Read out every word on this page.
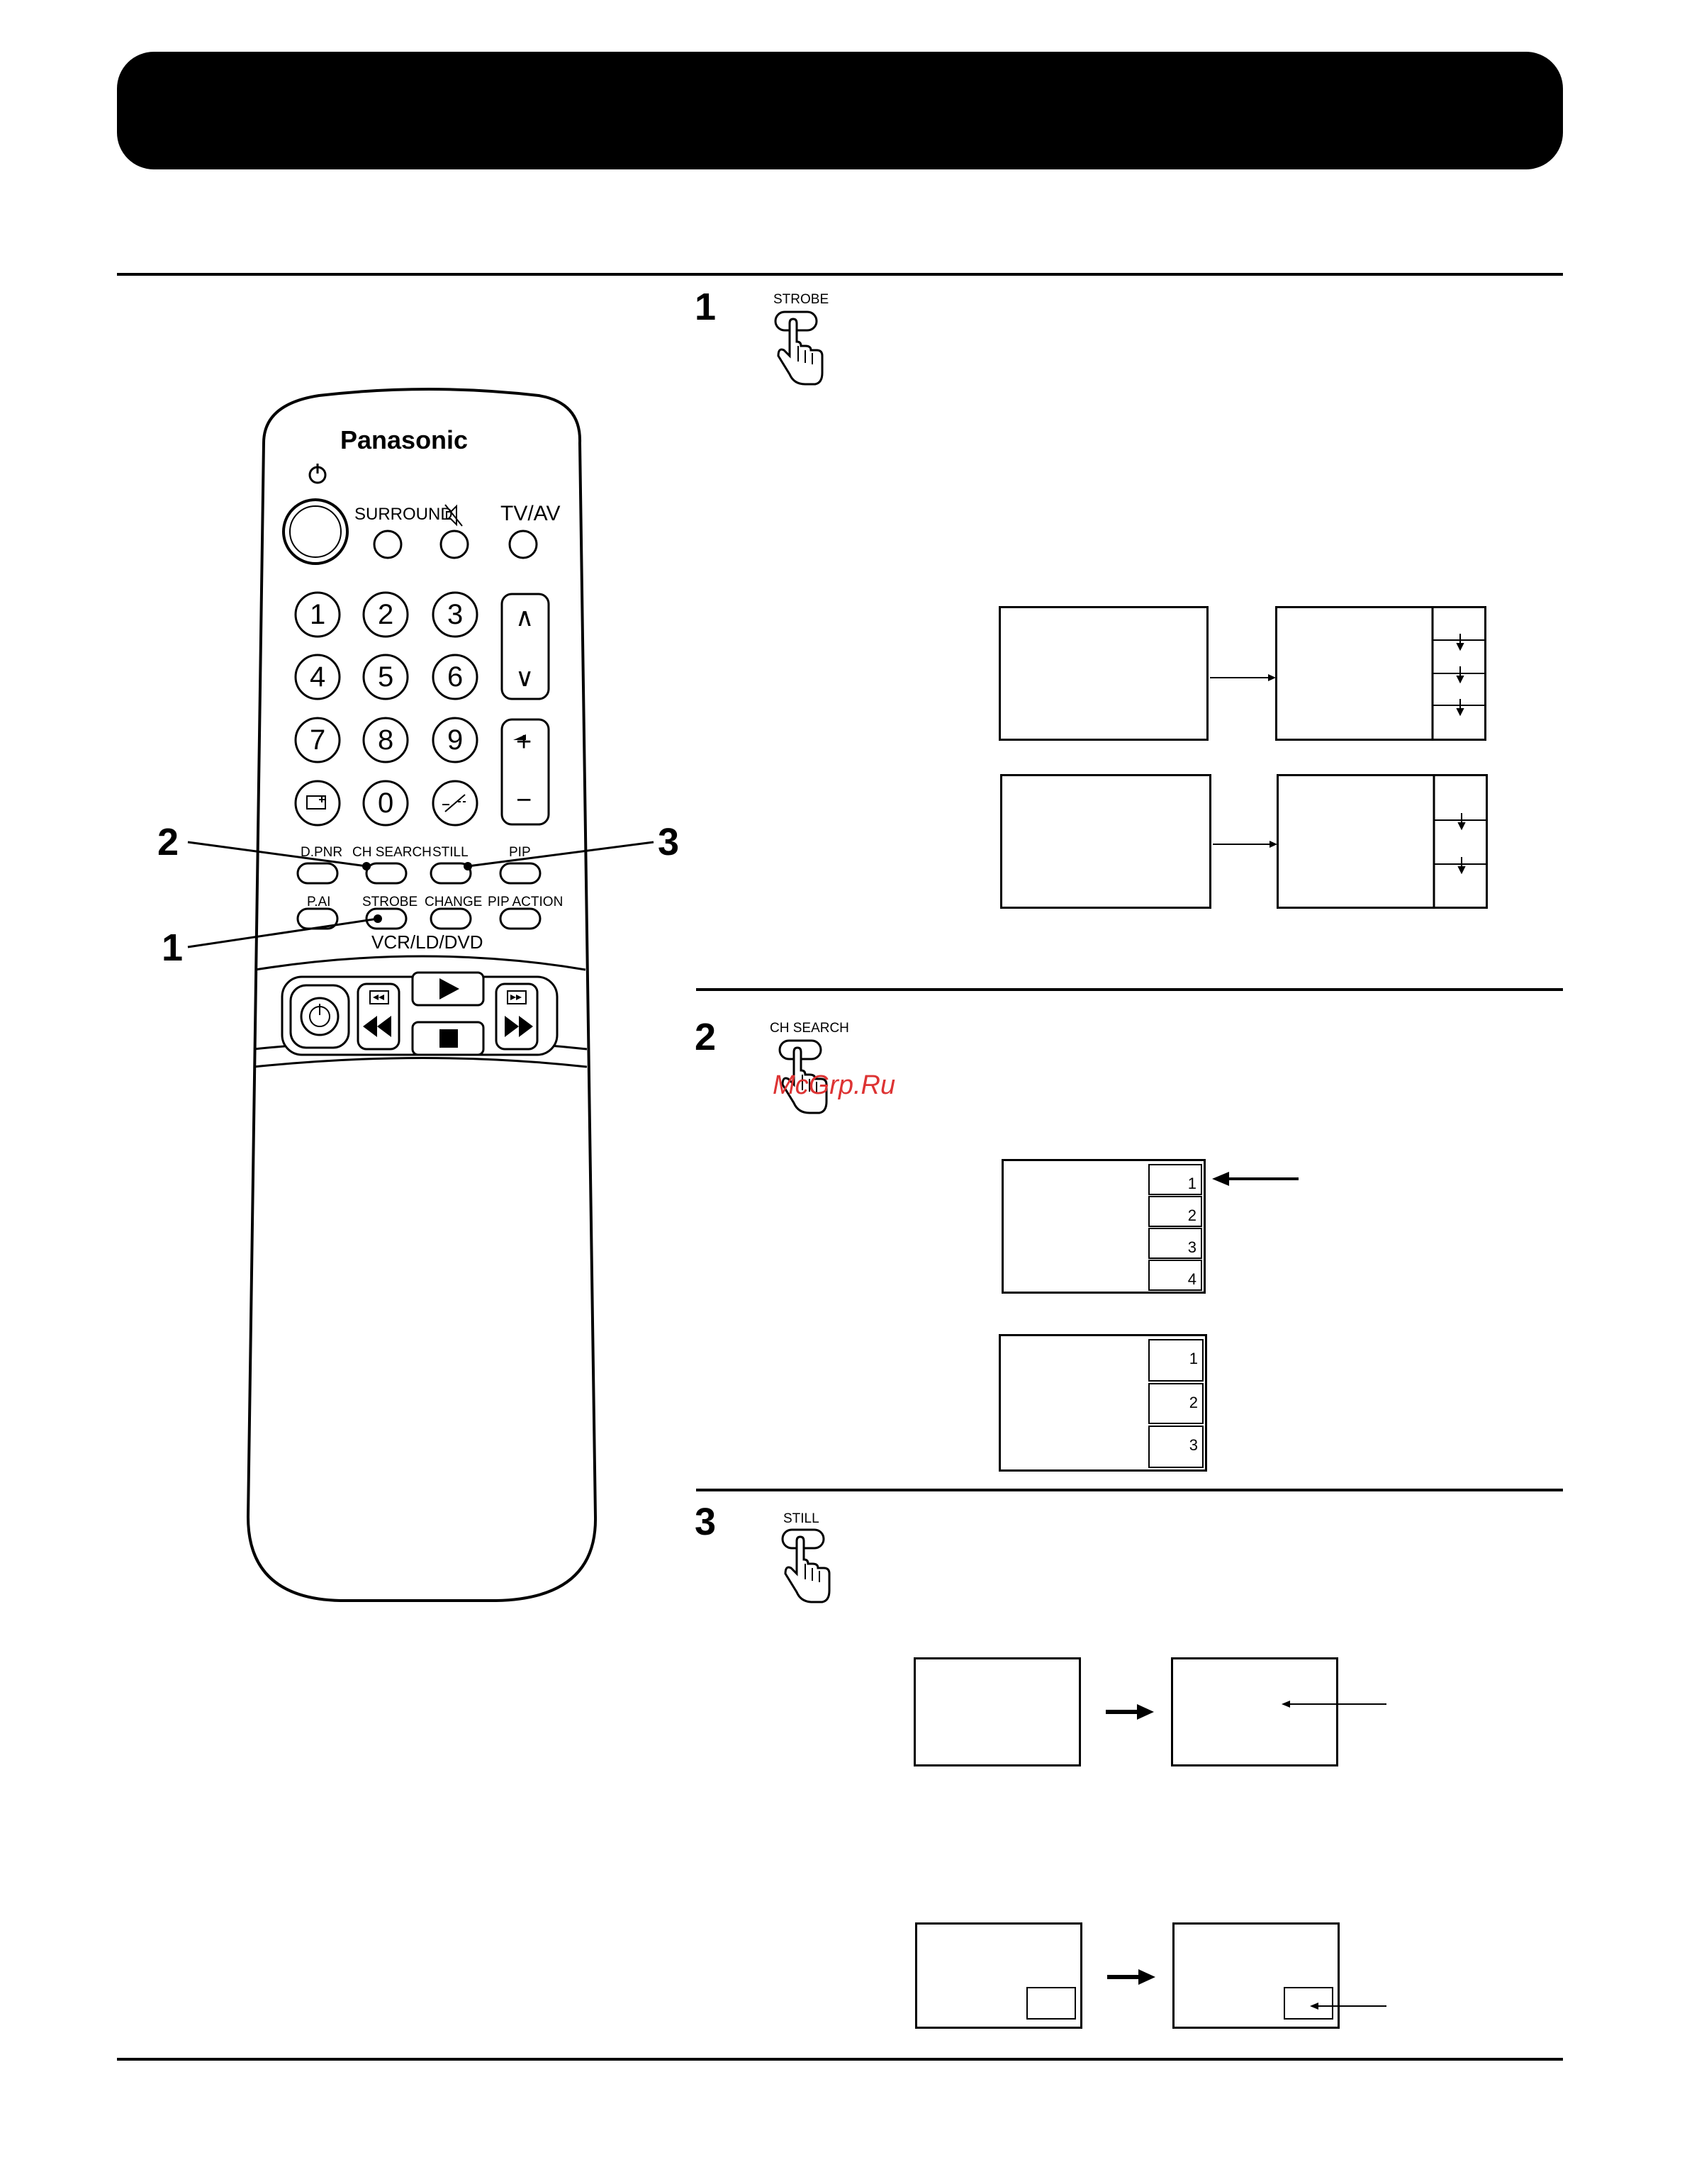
Panasonic
SURROUND TV/AV
1 2 3
4 5 6
7 8 9
0
∧
∨
+
−
D.PNR CH SEARCH STILL	PIP
P.AI STROBE CHANGE PIP ACTION
VCR/LD/DVD
2	3
1
1	STROBE
2	CH SEARCH
McGrp.Ru
1
2
3
4
1
2
3
3	STILL
